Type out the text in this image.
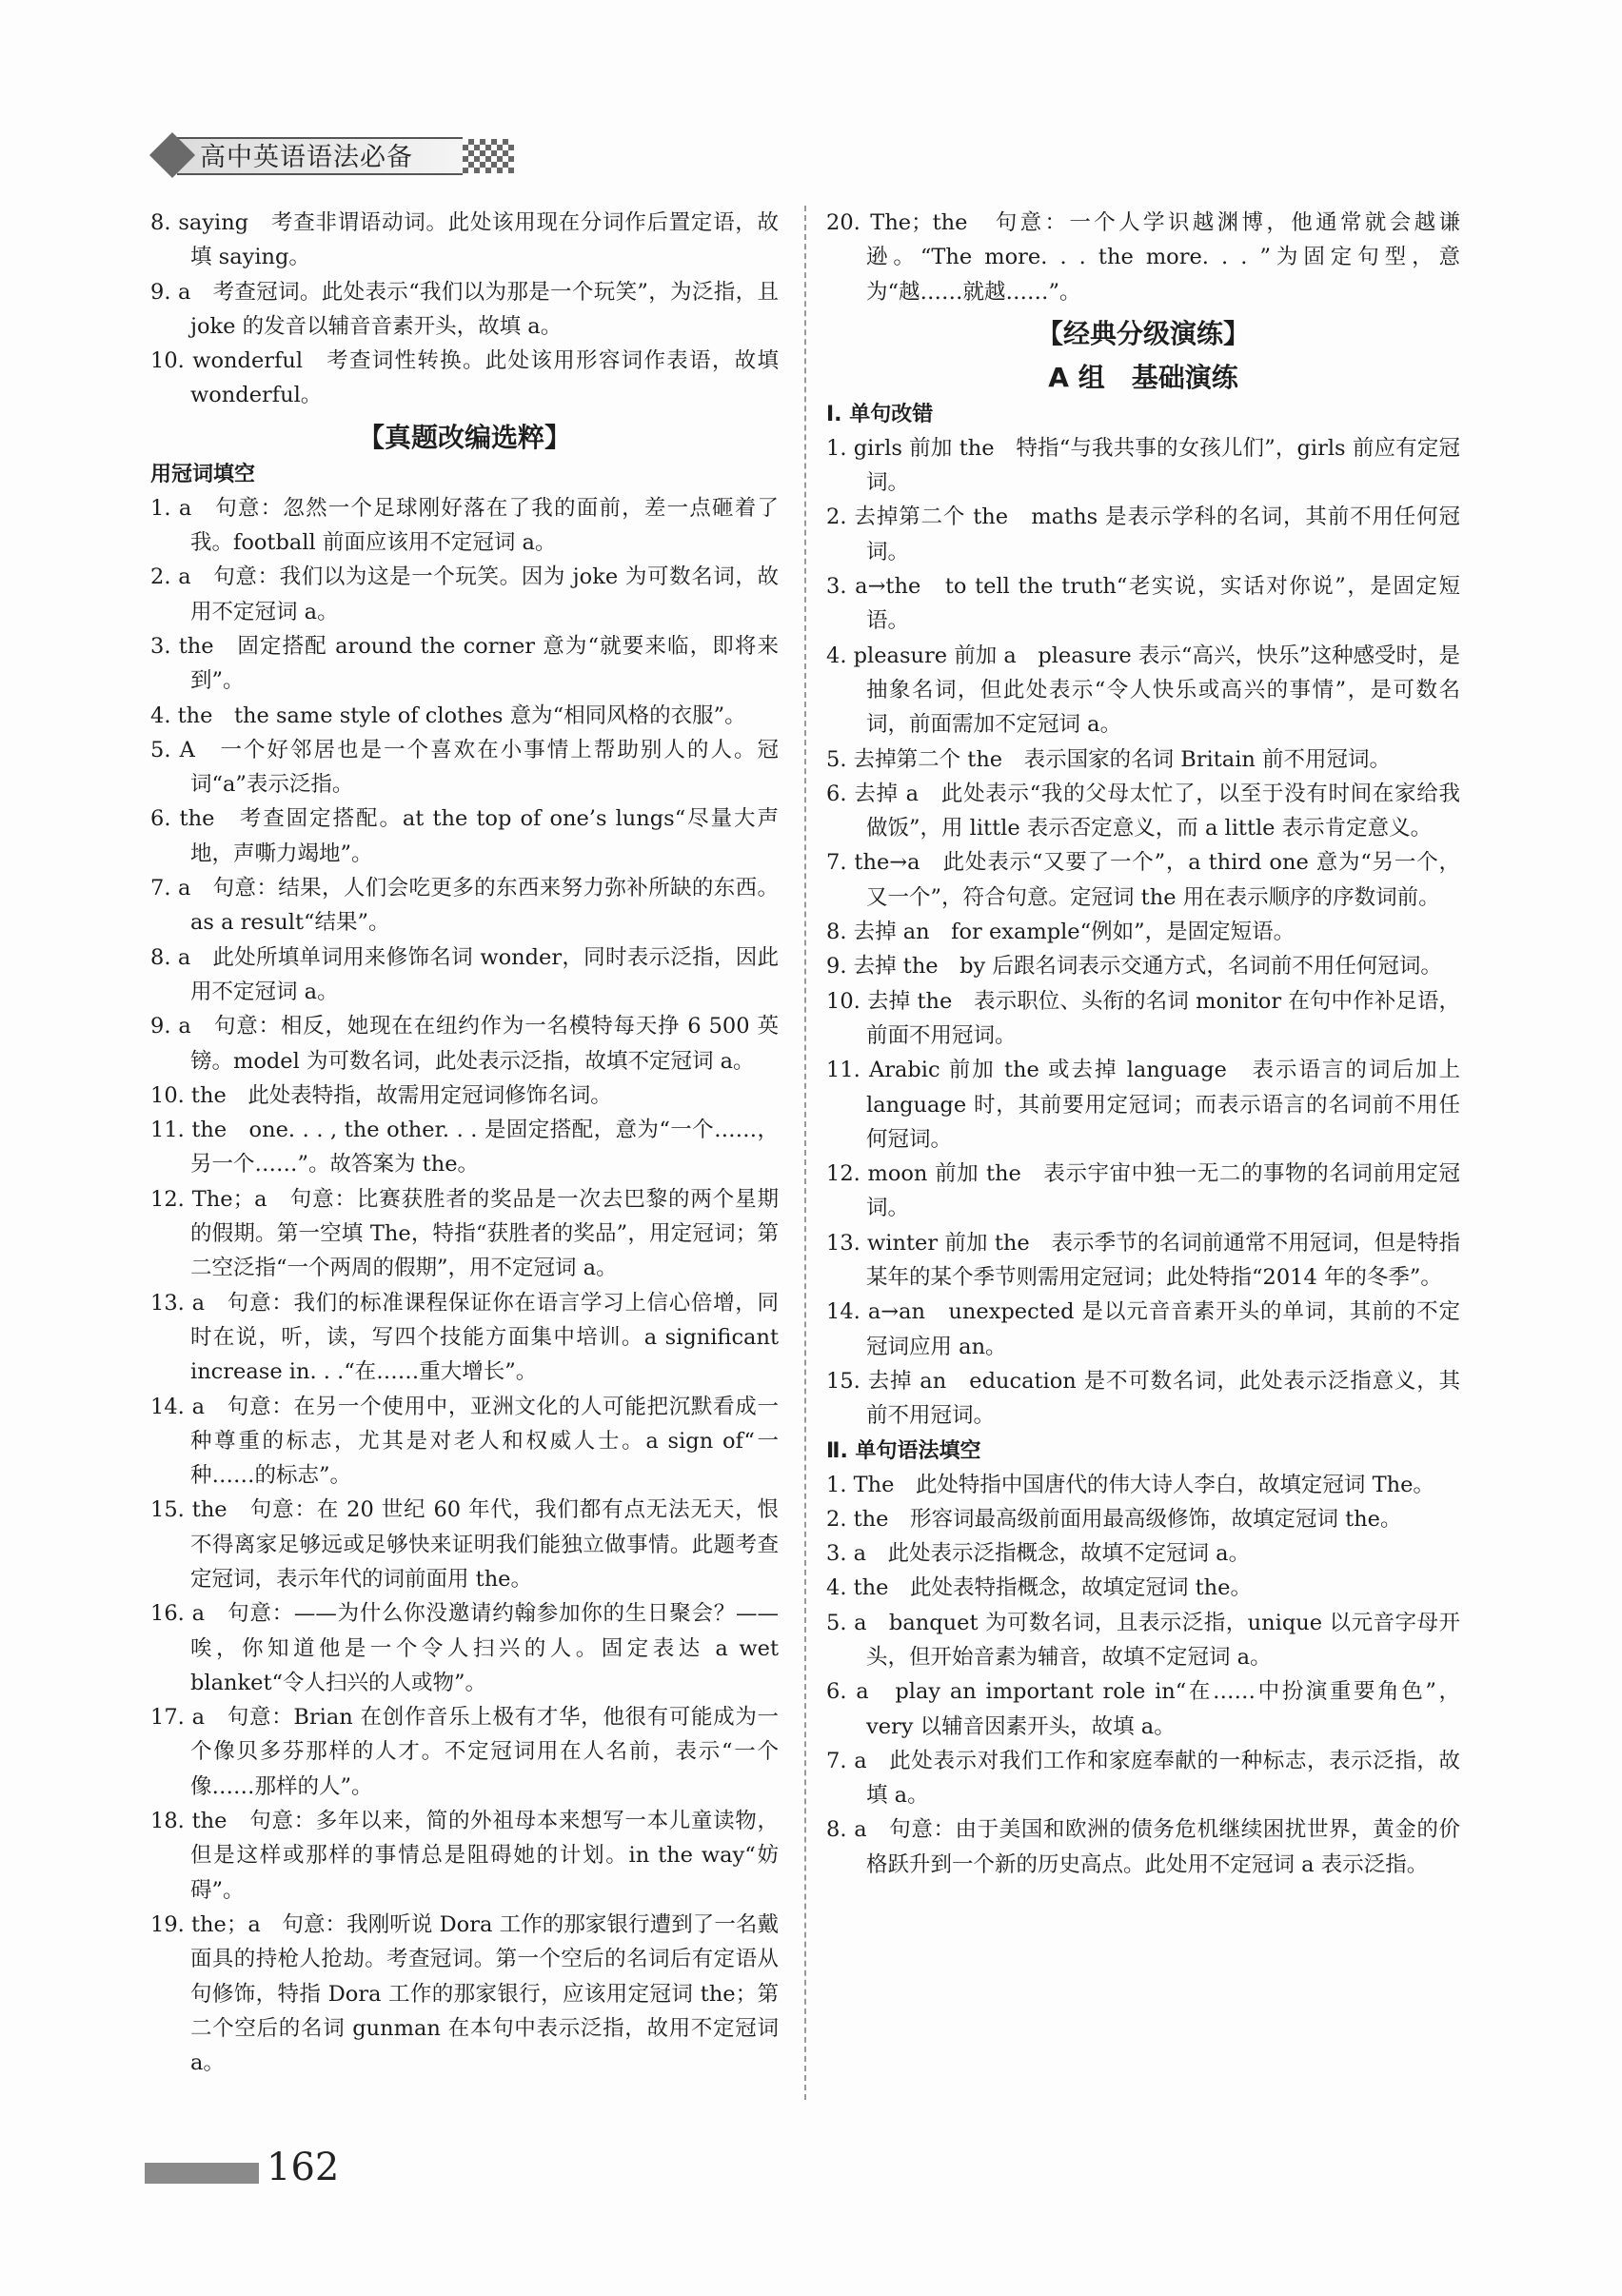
高中英语语法必备
8. saying　考查非谓语动词。此处该用现在分词作后置定语，故填 saying。
9. a　考查冠词。此处表示“我们以为那是一个玩笑”，为泛指，且 joke 的发音以辅音音素开头，故填 a。
10. wonderful　考查词性转换。此处该用形容词作表语，故填 wonderful。
【真题改编选粹】
用冠词填空
1. a　句意：忽然一个足球刚好落在了我的面前，差一点砸着了我。football 前面应该用不定冠词 a。
2. a　句意：我们以为这是一个玩笑。因为 joke 为可数名词，故用不定冠词 a。
3. the　固定搭配 around the corner 意为“就要来临，即将来到”。
4. the　the same style of clothes 意为“相同风格的衣服”。
5. A　一个好邻居也是一个喜欢在小事情上帮助别人的人。冠词“a”表示泛指。
6. the　考查固定搭配。at the top of one’s lungs“尽量大声地，声嘶力竭地”。
7. a　句意：结果，人们会吃更多的东西来努力弥补所缺的东西。as a result“结果”。
8. a　此处所填单词用来修饰名词 wonder，同时表示泛指，因此用不定冠词 a。
9. a　句意：相反，她现在在纽约作为一名模特每天挣 6 500 英镑。model 为可数名词，此处表示泛指，故填不定冠词 a。
10. the　此处表特指，故需用定冠词修饰名词。
11. the　one. . . , the other. . . 是固定搭配，意为“一个……，另一个……”。故答案为 the。
12. The；a　句意：比赛获胜者的奖品是一次去巴黎的两个星期的假期。第一空填 The，特指“获胜者的奖品”，用定冠词；第二空泛指“一个两周的假期”，用不定冠词 a。
13. a　句意：我们的标准课程保证你在语言学习上信心倍增，同时在说，听，读，写四个技能方面集中培训。a significant increase in. . .“在……重大增长”。
14. a　句意：在另一个使用中，亚洲文化的人可能把沉默看成一种尊重的标志，尤其是对老人和权威人士。a sign of“一种……的标志”。
15. the　句意：在 20 世纪 60 年代，我们都有点无法无天，恨不得离家足够远或足够快来证明我们能独立做事情。此题考查定冠词，表示年代的词前面用 the。
16. a　句意：——为什么你没邀请约翰参加你的生日聚会？——唉，你知道他是一个令人扫兴的人。固定表达 a wet blanket“令人扫兴的人或物”。
17. a　句意：Brian 在创作音乐上极有才华，他很有可能成为一个像贝多芬那样的人才。不定冠词用在人名前，表示“一个像……那样的人”。
18. the　句意：多年以来，简的外祖母本来想写一本儿童读物，但是这样或那样的事情总是阻碍她的计划。in the way“妨碍”。
19. the；a　句意：我刚听说 Dora 工作的那家银行遭到了一名戴面具的持枪人抢劫。考查冠词。第一个空后的名词后有定语从句修饰，特指 Dora 工作的那家银行，应该用定冠词 the；第二个空后的名词 gunman 在本句中表示泛指，故用不定冠词 a。
20. The；the　句意：一个人学识越渊博，他通常就会越谦逊。“The more. . . the more. . . ”为固定句型，意为“越……就越……”。
【经典分级演练】
A 组　基础演练
Ⅰ. 单句改错
1. girls 前加 the　特指“与我共事的女孩儿们”，girls 前应有定冠词。
2. 去掉第二个 the　maths 是表示学科的名词，其前不用任何冠词。
3. a→the　to tell the truth“老实说，实话对你说”，是固定短语。
4. pleasure 前加 a　pleasure 表示“高兴，快乐”这种感受时，是抽象名词，但此处表示“令人快乐或高兴的事情”，是可数名词，前面需加不定冠词 a。
5. 去掉第二个 the　表示国家的名词 Britain 前不用冠词。
6. 去掉 a　此处表示“我的父母太忙了，以至于没有时间在家给我做饭”，用 little 表示否定意义，而 a little 表示肯定意义。
7. the→a　此处表示“又要了一个”，a third one 意为“另一个，又一个”，符合句意。定冠词 the 用在表示顺序的序数词前。
8. 去掉 an　for example“例如”，是固定短语。
9. 去掉 the　by 后跟名词表示交通方式，名词前不用任何冠词。
10. 去掉 the　表示职位、头衔的名词 monitor 在句中作补足语，前面不用冠词。
11. Arabic 前加 the 或去掉 language　表示语言的词后加上 language 时，其前要用定冠词；而表示语言的名词前不用任何冠词。
12. moon 前加 the　表示宇宙中独一无二的事物的名词前用定冠词。
13. winter 前加 the　表示季节的名词前通常不用冠词，但是特指某年的某个季节则需用定冠词；此处特指“2014 年的冬季”。
14. a→an　unexpected 是以元音音素开头的单词，其前的不定冠词应用 an。
15. 去掉 an　education 是不可数名词，此处表示泛指意义，其前不用冠词。
Ⅱ. 单句语法填空
1. The　此处特指中国唐代的伟大诗人李白，故填定冠词 The。
2. the　形容词最高级前面用最高级修饰，故填定冠词 the。
3. a　此处表示泛指概念，故填不定冠词 a。
4. the　此处表特指概念，故填定冠词 the。
5. a　banquet 为可数名词，且表示泛指，unique 以元音字母开头，但开始音素为辅音，故填不定冠词 a。
6. a　play an important role in“在……中扮演重要角色”，very 以辅音因素开头，故填 a。
7. a　此处表示对我们工作和家庭奉献的一种标志，表示泛指，故填 a。
8. a　句意：由于美国和欧洲的债务危机继续困扰世界，黄金的价格跃升到一个新的历史高点。此处用不定冠词 a 表示泛指。
162
